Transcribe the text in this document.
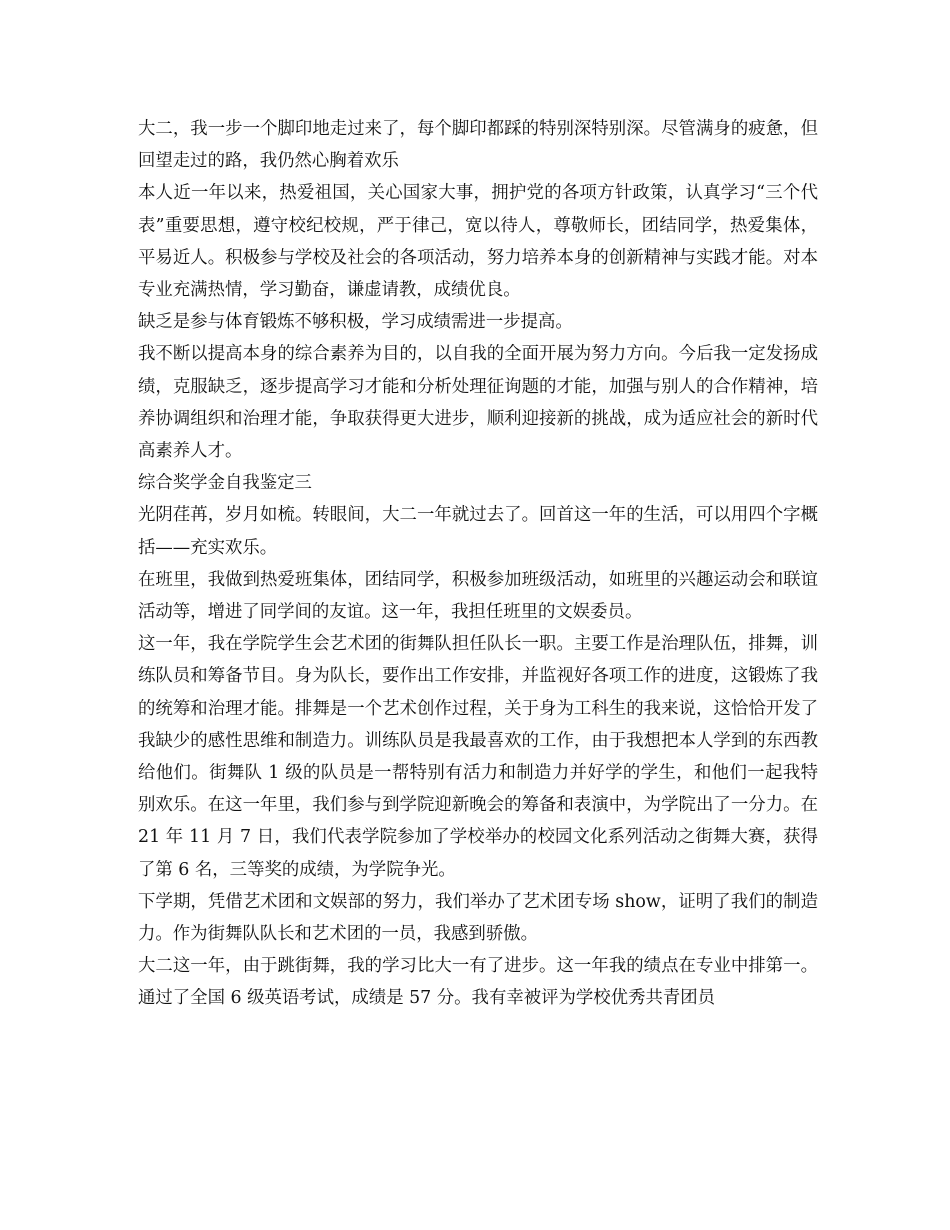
大二，我一步一个脚印地走过来了，每个脚印都踩的特别深特别深。尽管满身的疲惫，但回望走过的路，我仍然心胸着欢乐

本人近一年以来，热爱祖国，关心国家大事，拥护党的各项方针政策，认真学习“三个代表”重要思想，遵守校纪校规，严于律己，宽以待人，尊敬师长，团结同学，热爱集体，平易近人。积极参与学校及社会的各项活动，努力培养本身的创新精神与实践才能。对本专业充满热情，学习勤奋，谦虚请教，成绩优良。

缺乏是参与体育锻炼不够积极，学习成绩需进一步提高。

我不断以提高本身的综合素养为目的，以自我的全面开展为努力方向。今后我一定发扬成绩，克服缺乏，逐步提高学习才能和分析处理征询题的才能，加强与别人的合作精神，培养协调组织和治理才能，争取获得更大进步，顺利迎接新的挑战，成为适应社会的新时代高素养人才。

综合奖学金自我鉴定三

光阴荏苒，岁月如梳。转眼间，大二一年就过去了。回首这一年的生活，可以用四个字概括——充实欢乐。

在班里，我做到热爱班集体，团结同学，积极参加班级活动，如班里的兴趣运动会和联谊活动等，增进了同学间的友谊。这一年，我担任班里的文娱委员。

这一年，我在学院学生会艺术团的街舞队担任队长一职。主要工作是治理队伍，排舞，训练队员和筹备节目。身为队长，要作出工作安排，并监视好各项工作的进度，这锻炼了我的统筹和治理才能。排舞是一个艺术创作过程，关于身为工科生的我来说，这恰恰开发了我缺少的感性思维和制造力。训练队员是我最喜欢的工作，由于我想把本人学到的东西教给他们。街舞队 1 级的队员是一帮特别有活力和制造力并好学的学生，和他们一起我特别欢乐。在这一年里，我们参与到学院迎新晚会的筹备和表演中，为学院出了一分力。在 21 年 11 月 7 日，我们代表学院参加了学校举办的校园文化系列活动之街舞大赛，获得了第 6 名，三等奖的成绩，为学院争光。

下学期，凭借艺术团和文娱部的努力，我们举办了艺术团专场 show，证明了我们的制造力。作为街舞队队长和艺术团的一员，我感到骄傲。

大二这一年，由于跳街舞，我的学习比大一有了进步。这一年我的绩点在专业中排第一。通过了全国 6 级英语考试，成绩是 57 分。我有幸被评为学校优秀共青团员
